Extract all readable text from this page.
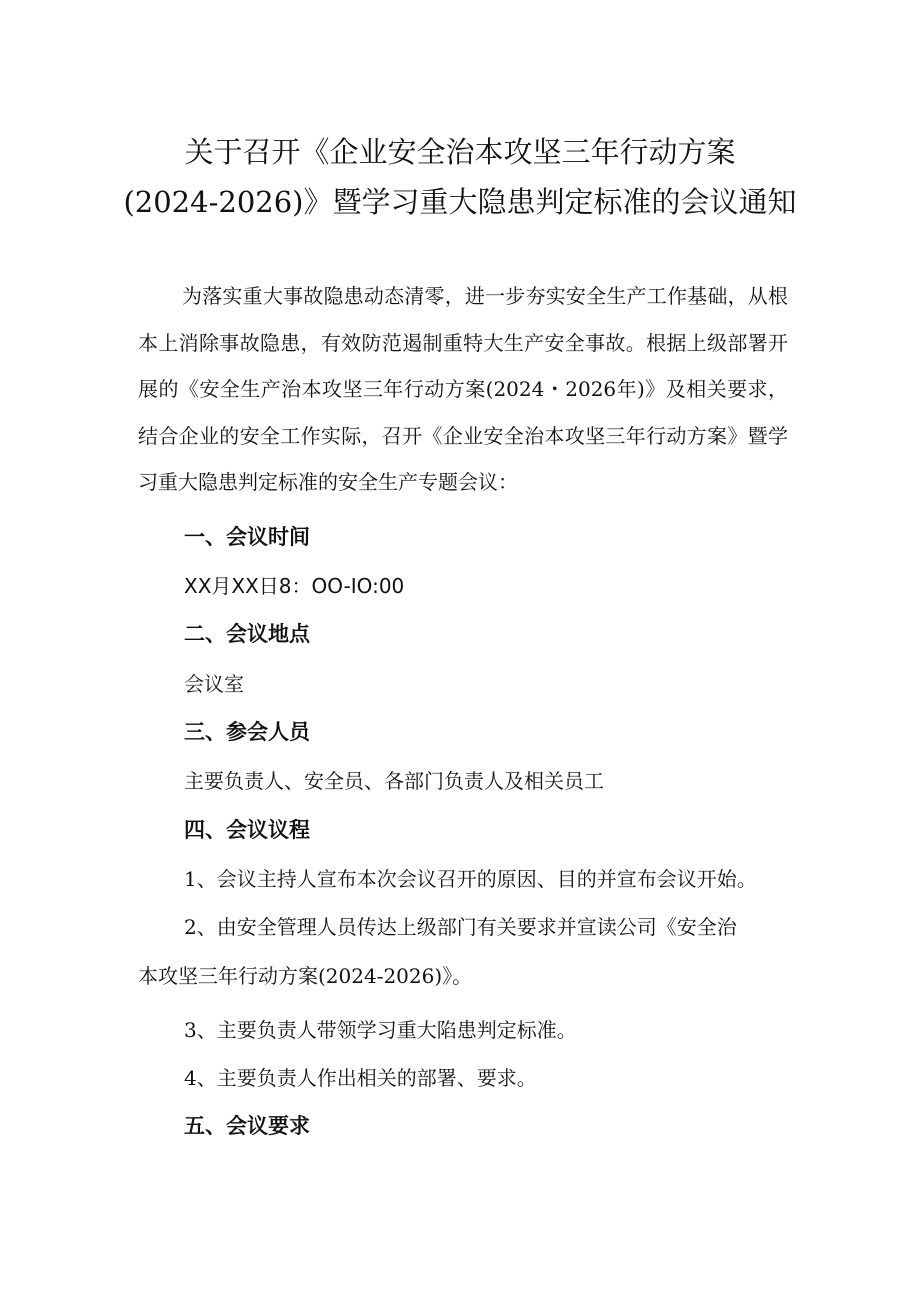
关于召开《企业安全治本攻坚三年行动方案
(2024-2026)》暨学习重大隐患判定标准的会议通知
为落实重大事故隐患动态清零，进一步夯实安全生产工作基础，从根本上消除事故隐患，有效防范遏制重特大生产安全事故。根据上级部署开展的《安全生产治本攻坚三年行动方案(2024・2026年)》及相关要求，结合企业的安全工作实际，召开《企业安全治本攻坚三年行动方案》暨学习重大隐患判定标准的安全生产专题会议：
一、会议时间
XX月XX日8：OO-IO:00
二、会议地点
会议室
三、参会人员
主要负责人、安全员、各部门负责人及相关员工
四、会议议程
1、会议主持人宣布本次会议召开的原因、目的并宣布会议开始。
2、由安全管理人员传达上级部门有关要求并宣读公司《安全治
本攻坚三年行动方案(2024-2026)》。
3、主要负责人带领学习重大陷患判定标准。
4、主要负责人作出相关的部署、要求。
五、会议要求
